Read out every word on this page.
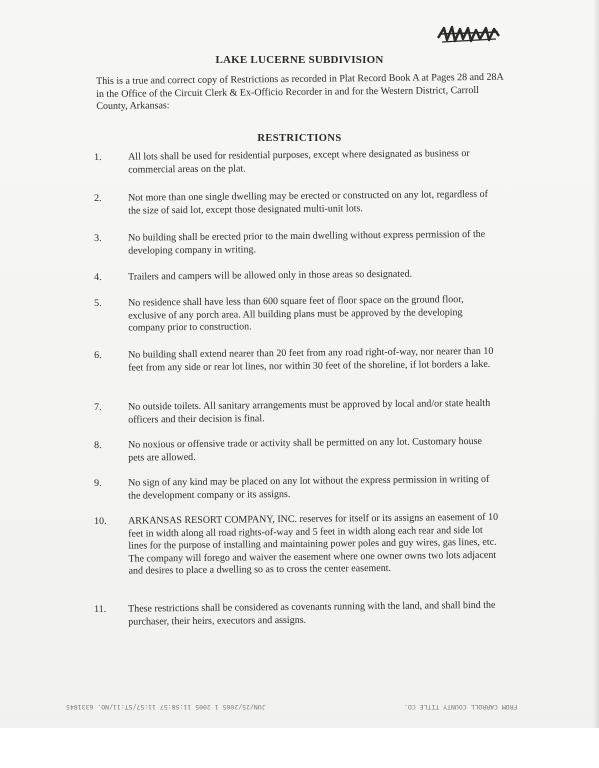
LAKE LUCERNE SUBDIVISION
This is a true and correct copy of Restrictions as recorded in Plat Record Book A at Pages 28 and 28A in the Office of the Circuit Clerk & Ex-Officio Recorder in and for the Western District, Carroll County, Arkansas:
RESTRICTIONS
1.	All lots shall be used for residential purposes, except where designated as business or commercial areas on the plat.
2.	Not more than one single dwelling may be erected or constructed on any lot, regardless of the size of said lot, except those designated multi-unit lots.
3.	No building shall be erected prior to the main dwelling without express permission of the developing company in writing.
4.	Trailers and campers will be allowed only in those areas so designated.
5.	No residence shall have less than 600 square feet of floor space on the ground floor, exclusive of any porch area. All building plans must be approved by the developing company prior to construction.
6.	No building shall extend nearer than 20 feet from any road right-of-way, nor nearer than 10 feet from any side or rear lot lines, nor within 30 feet of the shoreline, if lot borders a lake.
7.	No outside toilets. All sanitary arrangements must be approved by local and/or state health officers and their decision is final.
8.	No noxious or offensive trade or activity shall be permitted on any lot. Customary house pets are allowed.
9.	No sign of any kind may be placed on any lot without the express permission in writing of the development company or its assigns.
10.	ARKANSAS RESORT COMPANY, INC. reserves for itself or its assigns an easement of 10 feet in width along all road rights-of-way and 5 feet in width along each rear and side lot lines for the purpose of installing and maintaining power poles and guy wires, gas lines, etc. The company will forego and waiver the easement where one owner owns two lots adjacent and desires to place a dwelling so as to cross the center easement.
11.	These restrictions shall be considered as covenants running with the land, and shall bind the purchaser, their heirs, executors and assigns.
JUN/25/2005 1 2005 11:58:57 11:57/ST:11/NO. 6331845	FROM CARROLL COUNTY TITLE CO.
